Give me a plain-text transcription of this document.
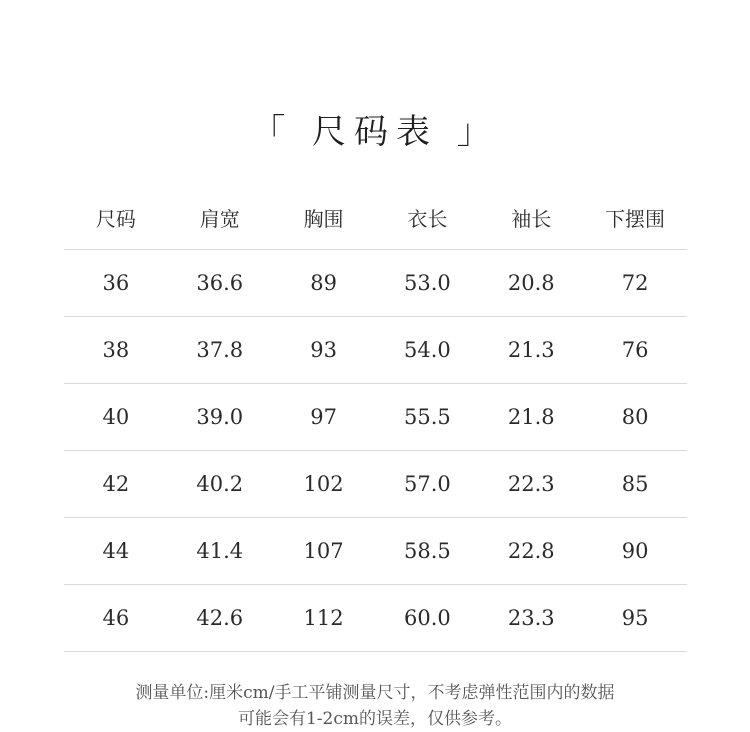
「 尺码表 」
尺码	肩宽	胸围	衣长	袖长	下摆围
36	36.6	89	53.0	20.8	72
38	37.8	93	54.0	21.3	76
40	39.0	97	55.5	21.8	80
42	40.2	102	57.0	22.3	85
44	41.4	107	58.5	22.8	90
46	42.6	112	60.0	23.3	95
测量单位:厘米cm/手工平铺测量尺寸，不考虑弹性范围内的数据
可能会有1-2cm的误差，仅供参考。
